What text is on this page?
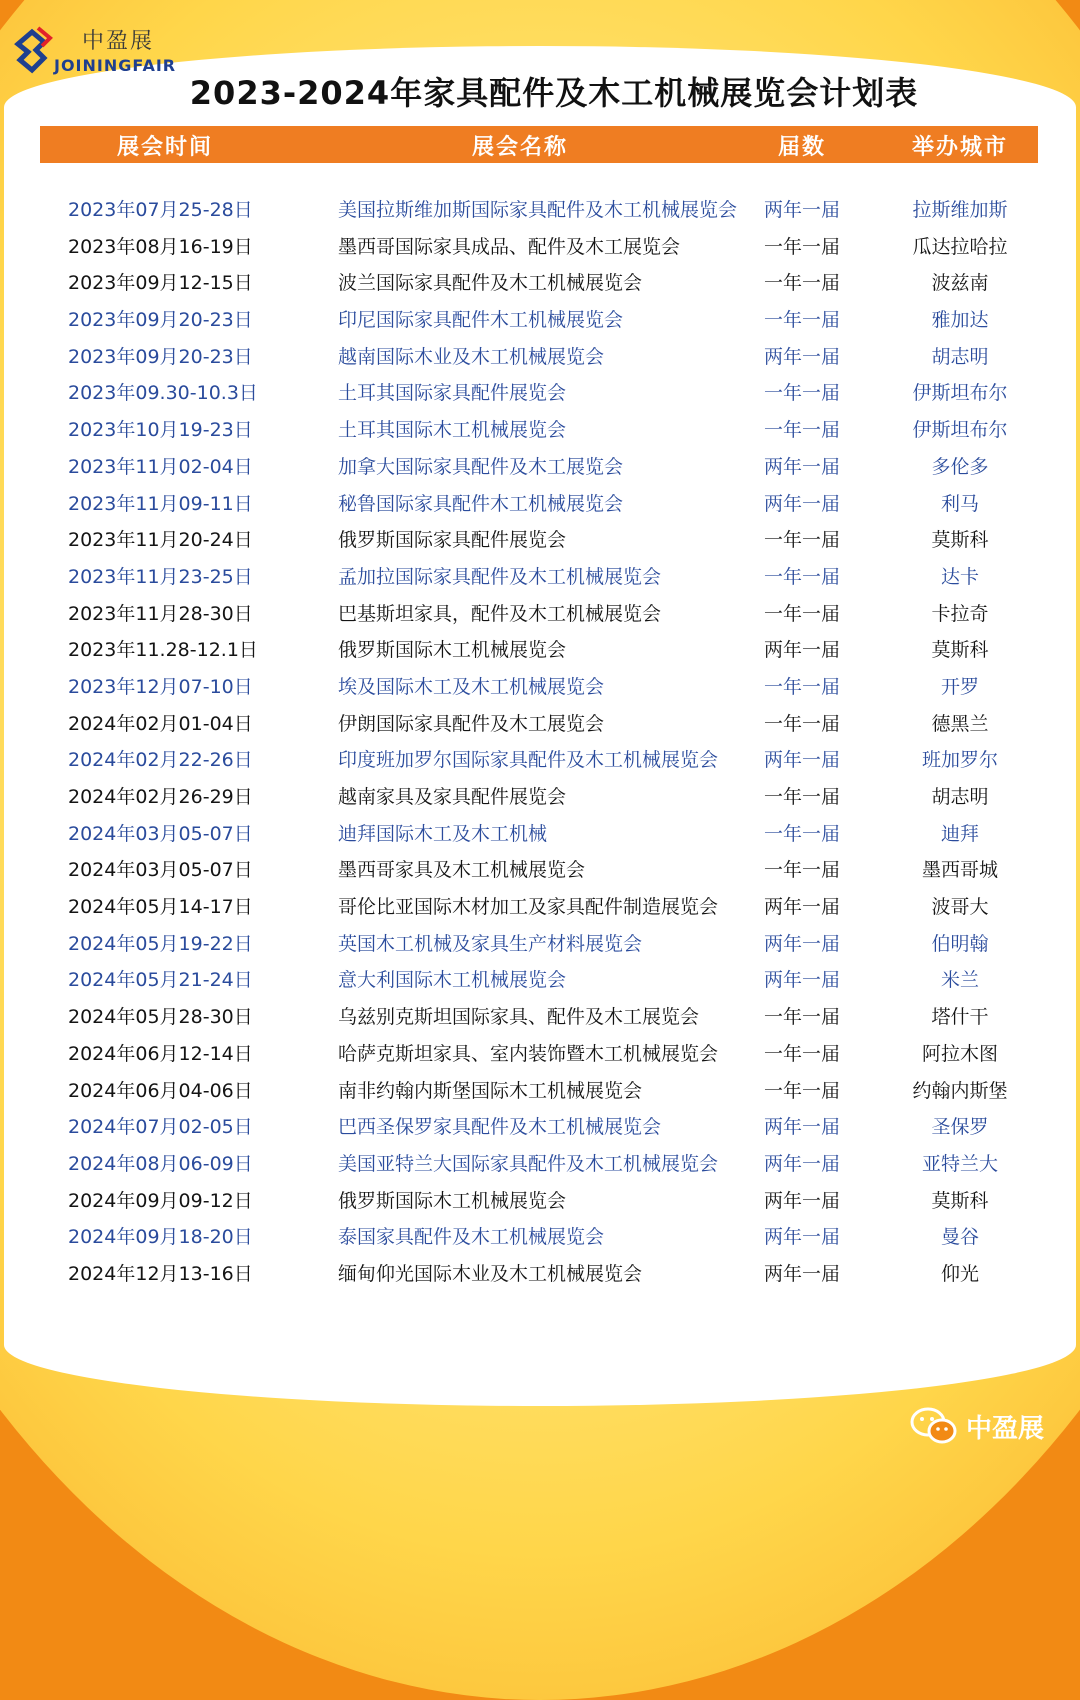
中盈展
JOININGFAIR
2023-2024年家具配件及木工机械展览会计划表
展会时间	展会名称	届数	举办城市
2023年07月25-28日	美国拉斯维加斯国际家具配件及木工机械展览会 两年一届	拉斯维加斯
2023年08月16-19日	墨西哥国际家具成品、配件及木工展览会	一年一届	瓜达拉哈拉
2023年09月12-15日	波兰国际家具配件及木工机械展览会	一年一届	波兹南
2023年09月20-23日	印尼国际家具配件木工机械展览会	一年一届	雅加达
2023年09月20-23日	越南国际木业及木工机械展览会	两年一届	胡志明
2023年09.30-10.3日	土耳其国际家具配件展览会	一年一届	伊斯坦布尔
2023年10月19-23日	土耳其国际木工机械展览会	一年一届	伊斯坦布尔
2023年11月02-04日	加拿大国际家具配件及木工展览会	两年一届	多伦多
2023年11月09-11日	秘鲁国际家具配件木工机械展览会	两年一届	利马
2023年11月20-24日	俄罗斯国际家具配件展览会	一年一届	莫斯科
2023年11月23-25日	孟加拉国际家具配件及木工机械展览会	一年一届	达卡
2023年11月28-30日	巴基斯坦家具，配件及木工机械展览会	一年一届	卡拉奇
2023年11.28-12.1日	俄罗斯国际木工机械展览会	两年一届	莫斯科
2023年12月07-10日	埃及国际木工及木工机械展览会	一年一届	开罗
2024年02月01-04日	伊朗国际家具配件及木工展览会	一年一届	德黑兰
2024年02月22-26日	印度班加罗尔国际家具配件及木工机械展览会 两年一届	班加罗尔
2024年02月26-29日	越南家具及家具配件展览会	一年一届	胡志明
2024年03月05-07日	迪拜国际木工及木工机械	一年一届	迪拜
2024年03月05-07日	墨西哥家具及木工机械展览会	一年一届	墨西哥城
2024年05月14-17日	哥伦比亚国际木材加工及家具配件制造展览会 两年一届	波哥大
2024年05月19-22日	英国木工机械及家具生产材料展览会	两年一届	伯明翰
2024年05月21-24日	意大利国际木工机械展览会	两年一届	米兰
2024年05月28-30日	乌兹别克斯坦国际家具、配件及木工展览会	一年一届	塔什干
2024年06月12-14日	哈萨克斯坦家具、室内装饰暨木工机械展览会 一年一届	阿拉木图
2024年06月04-06日	南非约翰内斯堡国际木工机械展览会	一年一届	约翰内斯堡
2024年07月02-05日	巴西圣保罗家具配件及木工机械展览会	两年一届	圣保罗
2024年08月06-09日	美国亚特兰大国际家具配件及木工机械展览会 两年一届	亚特兰大
2024年09月09-12日	俄罗斯国际木工机械展览会	两年一届	莫斯科
2024年09月18-20日	泰国家具配件及木工机械展览会	两年一届	曼谷
2024年12月13-16日	缅甸仰光国际木业及木工机械展览会	两年一届	仰光
中盈展
